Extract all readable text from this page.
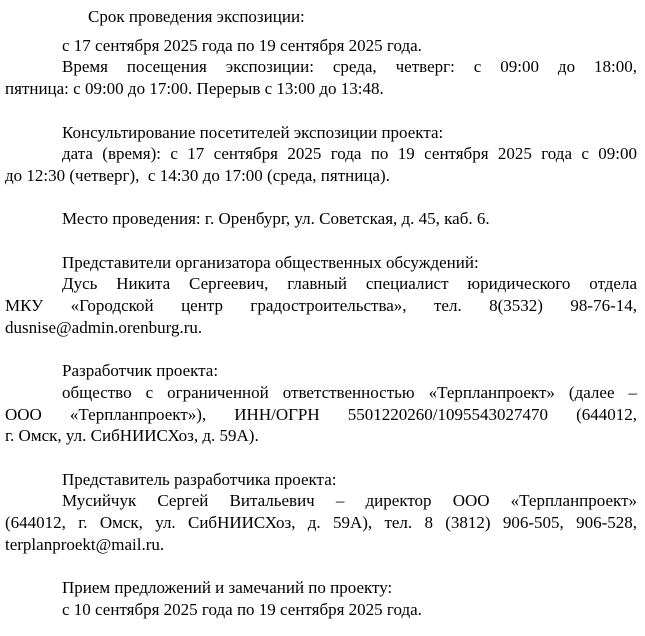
Срок проведения экспозиции:
с 17 сентября 2025 года по 19 сентября 2025 года.
Время посещения экспозиции: среда, четверг: с 09:00 до 18:00,
пятница: с 09:00 до 17:00. Перерыв с 13:00 до 13:48.
Консультирование посетителей экспозиции проекта:
дата (время): с 17 сентября 2025 года по 19 сентября 2025 года с 09:00
до 12:30 (четверг),  с 14:30 до 17:00 (среда, пятница).
Место проведения: г. Оренбург, ул. Советская, д. 45, каб. 6.
Представители организатора общественных обсуждений:
Дусь Никита Сергеевич, главный специалист юридического отдела
МКУ «Городской центр градостроительства», тел. 8(3532) 98-76-14,
dusnise@admin.orenburg.ru.
Разработчик проекта:
общество с ограниченной ответственностью «Терпланпроект» (далее –
ООО «Терпланпроект»), ИНН/ОГРН 5501220260/1095543027470 (644012,
г. Омск, ул. СибНИИСХоз, д. 59А).
Представитель разработчика проекта:
Мусийчук Сергей Витальевич – директор ООО «Терпланпроект»
(644012, г. Омск, ул. СибНИИСХоз, д. 59А), тел. 8 (3812) 906-505, 906-528,
terplanproekt@mail.ru.
Прием предложений и замечаний по проекту:
с 10 сентября 2025 года по 19 сентября 2025 года.
